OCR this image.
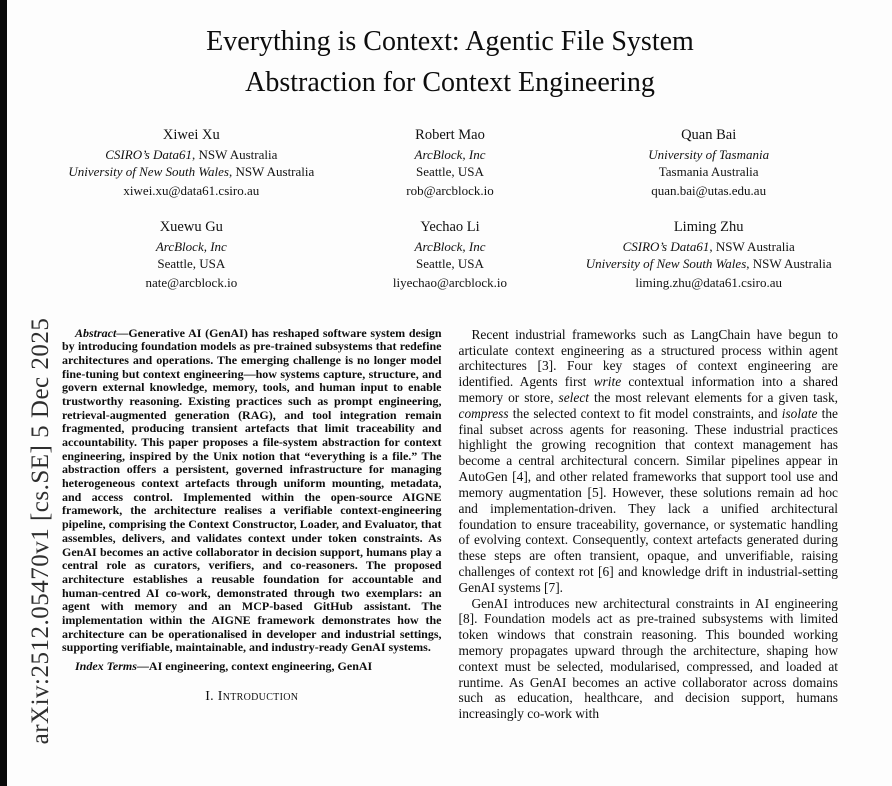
arXiv:2512.05470v1 [cs.SE] 5 Dec 2025
Everything is Context: Agentic File System
Abstraction for Context Engineering
Xiwei Xu
CSIRO’s Data61, NSW Australia
University of New South Wales, NSW Australia
xiwei.xu@data61.csiro.au
Robert Mao
ArcBlock, Inc
Seattle, USA
rob@arcblock.io
Quan Bai
University of Tasmania
Tasmania Australia
quan.bai@utas.edu.au
Xuewu Gu
ArcBlock, Inc
Seattle, USA
nate@arcblock.io
Yechao Li
ArcBlock, Inc
Seattle, USA
liyechao@arcblock.io
Liming Zhu
CSIRO’s Data61, NSW Australia
University of New South Wales, NSW Australia
liming.zhu@data61.csiro.au

Abstract—Generative AI (GenAI) has reshaped software system design by introducing foundation models as pre-trained subsystems that redefine architectures and operations. The emerging challenge is no longer model fine-tuning but context engineering—how systems capture, structure, and govern external knowledge, memory, tools, and human input to enable trustworthy reasoning. Existing practices such as prompt engineering, retrieval-augmented generation (RAG), and tool integration remain fragmented, producing transient artefacts that limit traceability and accountability. This paper proposes a file-system abstraction for context engineering, inspired by the Unix notion that “everything is a file.” The abstraction offers a persistent, governed infrastructure for managing heterogeneous context artefacts through uniform mounting, metadata, and access control. Implemented within the open-source AIGNE framework, the architecture realises a verifiable context-engineering pipeline, comprising the Context Constructor, Loader, and Evaluator, that assembles, delivers, and validates context under token constraints. As GenAI becomes an active collaborator in decision support, humans play a central role as curators, verifiers, and co-reasoners. The proposed architecture establishes a reusable foundation for accountable and human-centred AI co-work, demonstrated through two exemplars: an agent with memory and an MCP-based GitHub assistant. The implementation within the AIGNE framework demonstrates how the architecture can be operationalised in developer and industrial settings, supporting verifiable, maintainable, and industry-ready GenAI systems.

Index Terms—AI engineering, context engineering, GenAI

I. Introduction

Recent industrial frameworks such as LangChain have begun to articulate context engineering as a structured process within agent architectures [3]. Four key stages of context engineering are identified. Agents first write contextual information into a shared memory or store, select the most relevant elements for a given task, compress the selected context to fit model constraints, and isolate the final subset across agents for reasoning. These industrial practices highlight the growing recognition that context management has become a central architectural concern. Similar pipelines appear in AutoGen [4], and other related frameworks that support tool use and memory augmentation [5]. However, these solutions remain ad hoc and implementation-driven. They lack a unified architectural foundation to ensure traceability, governance, or systematic handling of evolving context. Consequently, context artefacts generated during these steps are often transient, opaque, and unverifiable, raising challenges of context rot [6] and knowledge drift in industrial-setting GenAI systems [7].

GenAI introduces new architectural constraints in AI engineering [8]. Foundation models act as pre-trained subsystems with limited token windows that constrain reasoning. This bounded working memory propagates upward through the architecture, shaping how context must be selected, modularised, compressed, and loaded at runtime. As GenAI becomes an active collaborator across domains such as education, healthcare, and decision support, humans increasingly co-work with
